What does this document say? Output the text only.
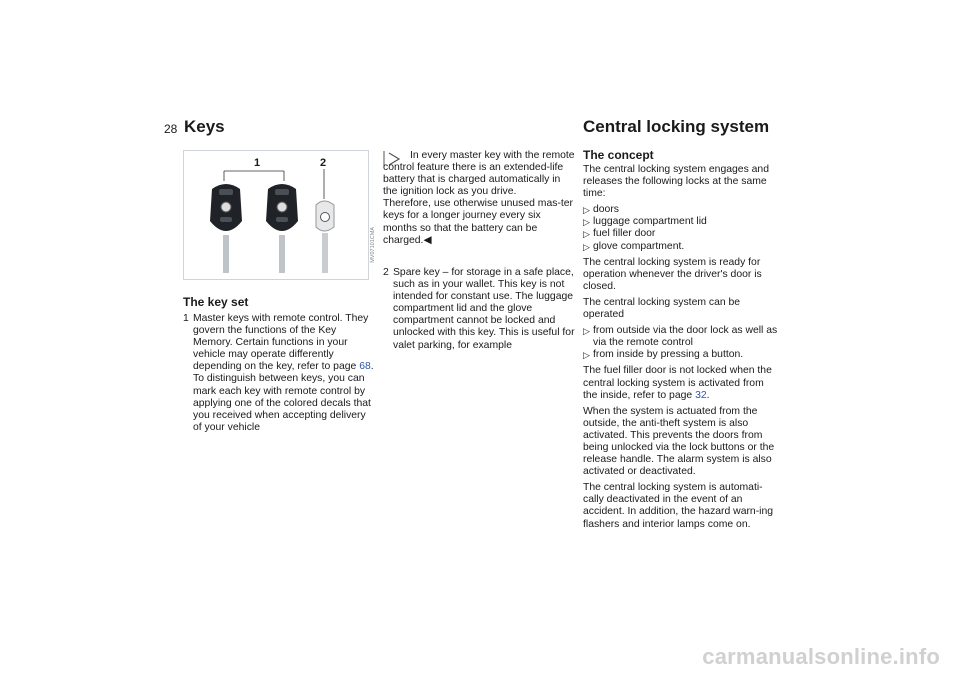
28 Keys	Central locking system
1	2
MV07101CMA
The key set
1 Master keys with remote control. They govern the functions of the Key Memory. Certain functions in your vehicle may operate differently depending on the key, refer to page 68.
To distinguish between keys, you can mark each key with remote control by applying one of the colored decals that you received when accepting delivery of your vehicle
In every master key with the remote control feature there is an extended-life battery that is charged automatically in the ignition lock as you drive.
Therefore, use otherwise unused mas-ter keys for a longer journey every six months so that the battery can be charged.◀
2 Spare key – for storage in a safe place, such as in your wallet. This key is not intended for constant use. The luggage compartment lid and the glove compartment cannot be locked and unlocked with this key. This is useful for valet parking, for example
The concept

The central locking system engages and releases the following locks at the same time:

▷ doors
▷ luggage compartment lid
▷ fuel filler door
▷ glove compartment.

The central locking system is ready for operation whenever the driver's door is closed.

The central locking system can be operated

▷ from outside via the door lock as well as via the remote control
▷ from inside by pressing a button.

The fuel filler door is not locked when the central locking system is activated from the inside, refer to page 32.

When the system is actuated from the outside, the anti-theft system is also activated. This prevents the doors from being unlocked via the lock buttons or the release handle. The alarm system is also activated or deactivated.

The central locking system is automati-cally deactivated in the event of an accident. In addition, the hazard warn-ing flashers and interior lamps come on.

carmanualsonline.info
